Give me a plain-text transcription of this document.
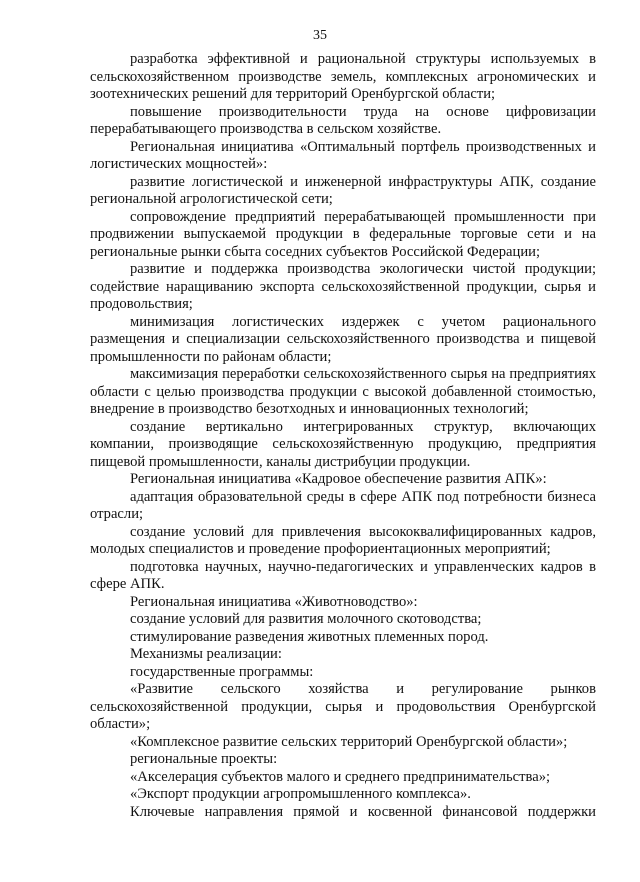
35

разработка эффективной и рациональной структуры используемых в сельскохозяйственном производстве земель, комплексных агрономических и зоотехнических решений для территорий Оренбургской области;

повышение производительности труда на основе цифровизации перерабатывающего производства в сельском хозяйстве.

Региональная инициатива «Оптимальный портфель производственных и логистических мощностей»:

развитие логистической и инженерной инфраструктуры АПК, создание региональной агрологистической сети;

сопровождение предприятий перерабатывающей промышленности при продвижении выпускаемой продукции в федеральные торговые сети и на региональные рынки сбыта соседних субъектов Российской Федерации;

развитие и поддержка производства экологически чистой продукции; содействие наращиванию экспорта сельскохозяйственной продукции, сырья и продовольствия;

минимизация логистических издержек с учетом рационального размещения и специализации сельскохозяйственного производства и пищевой промышленности по районам области;

максимизация переработки сельскохозяйственного сырья на предприятиях области с целью производства продукции с высокой добавленной стоимостью, внедрение в производство безотходных и инновационных технологий;

создание вертикально интегрированных структур, включающих компании, производящие сельскохозяйственную продукцию, предприятия пищевой промышленности, каналы дистрибуции продукции.

Региональная инициатива «Кадровое обеспечение развития АПК»:

адаптация образовательной среды в сфере АПК под потребности бизнеса отрасли;

создание условий для привлечения высококвалифицированных кадров, молодых специалистов и проведение профориентационных мероприятий;

подготовка научных, научно-педагогических и управленческих кадров в сфере АПК.

Региональная инициатива «Животноводство»:

создание условий для развития молочного скотоводства;

стимулирование разведения животных племенных пород.

Механизмы реализации:

государственные программы:

«Развитие сельского хозяйства и регулирование рынков сельскохозяйственной продукции, сырья и продовольствия Оренбургской области»;

«Комплексное развитие сельских территорий Оренбургской области»;

региональные проекты:

«Акселерация субъектов малого и среднего предпринимательства»;

«Экспорт продукции агропромышленного комплекса».

Ключевые направления прямой и косвенной финансовой поддержки
